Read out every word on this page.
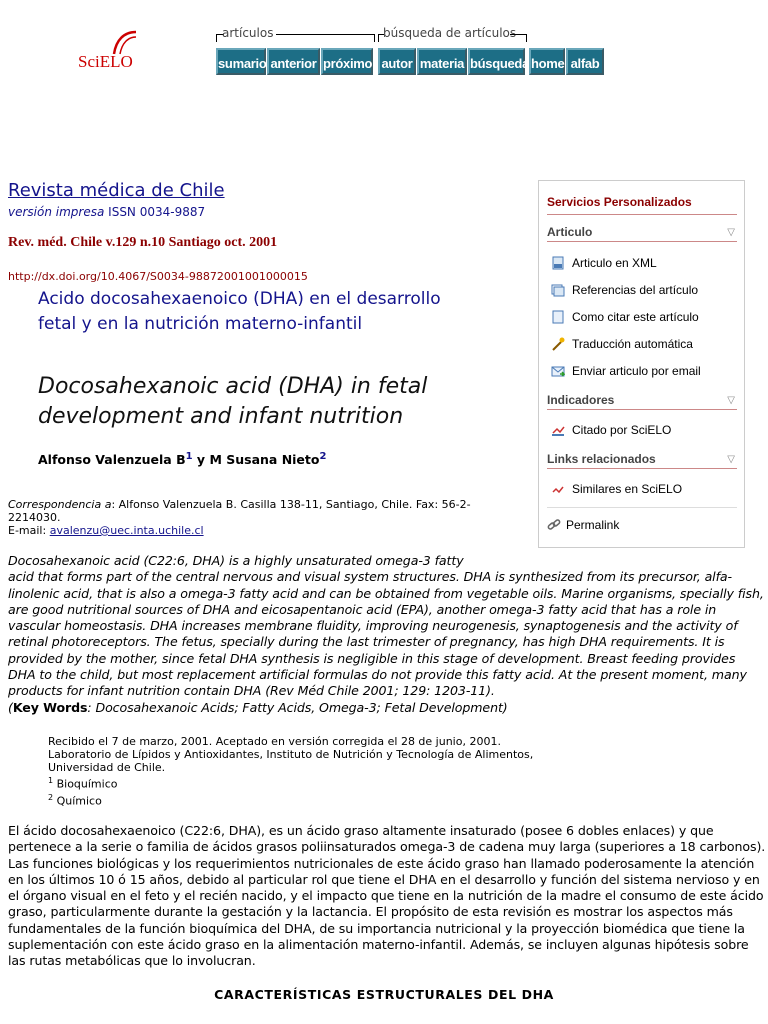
SciELO
artículos	búsqueda de artículos
sumario anterior próximo autor materia búsqueda home alfab
Revista médica de Chile
versión impresa ISSN 0034-9887
Rev. méd. Chile v.129 n.10 Santiago oct. 2001
http://dx.doi.org/10.4067/S0034-98872001001000015
Acido docosahexaenoico (DHA) en el desarrollo fetal y en la nutrición materno-infantil
Docosahexanoic acid (DHA) in fetal development and infant nutrition
Alfonso Valenzuela $B^1$ y M Susana Nieto$^2$
Correspondencia a: Alfonso Valenzuela B. Casilla 138-11, Santiago, Chile. Fax: 56-2-2214030.
E-mail: avalenzu@uec.inta.uchile.cl
Docosahexanoic acid (C22:6, DHA) is a highly unsaturated omega-3 fatty
acid that forms part of the central nervous and visual system structures. DHA is synthesized from its precursor, alfa-linolenic acid, that is also a omega-3 fatty acid and can be obtained from vegetable oils. Marine organisms, specially fish, are good nutritional sources of DHA and eicosapentanoic acid (EPA), another omega-3 fatty acid that has a role in vascular homeostasis. DHA increases membrane fluidity, improving neurogenesis, synaptogenesis and the activity of retinal photoreceptors. The fetus, specially during the last trimester of pregnancy, has high DHA requirements. It is provided by the mother, since fetal DHA synthesis is negligible in this stage of development. Breast feeding provides DHA to the child, but most replacement artificial formulas do not provide this fatty acid. At the present moment, many products for infant nutrition contain DHA (Rev Méd Chile 2001; 129: 1203-11).
(Key Words: Docosahexanoic Acids; Fatty Acids, Omega-3; Fetal Development)
Recibido el 7 de marzo, 2001. Aceptado en versión corregida el 28 de junio, 2001.
Laboratorio de Lípidos y Antioxidantes, Instituto de Nutrición y Tecnología de Alimentos,
Universidad de Chile.
$^1$ Bioquímico
$^2$ Químico
El ácido docosahexaenoico (C22:6, DHA), es un ácido graso altamente insaturado (posee 6 dobles enlaces) y que pertenece a la serie o familia de ácidos grasos poliinsaturados omega-3 de cadena muy larga (superiores a 18 carbonos). Las funciones biológicas y los requerimientos nutricionales de este ácido graso han llamado poderosamente la atención en los últimos 10 ó 15 años, debido al particular rol que tiene el DHA en el desarrollo y función del sistema nervioso y en el órgano visual en el feto y el recién nacido, y el impacto que tiene en la nutrición de la madre el consumo de este ácido graso, particularmente durante la gestación y la lactancia. El propósito de esta revisión es mostrar los aspectos más fundamentales de la función bioquímica del DHA, de su importancia nutricional y la proyección biomédica que tiene la suplementación con este ácido graso en la alimentación materno-infantil. Además, se incluyen algunas hipótesis sobre las rutas metabólicas que lo involucran.
CARACTERÍSTICAS ESTRUCTURALES DEL DHA
Servicios Personalizados
Articulo	▽
Articulo en XML
Referencias del artículo
Como citar este artículo
Traducción automática
Enviar articulo por email
Indicadores	▽
Citado por SciELO
Links relacionados	▽
Similares en SciELO
Permalink
